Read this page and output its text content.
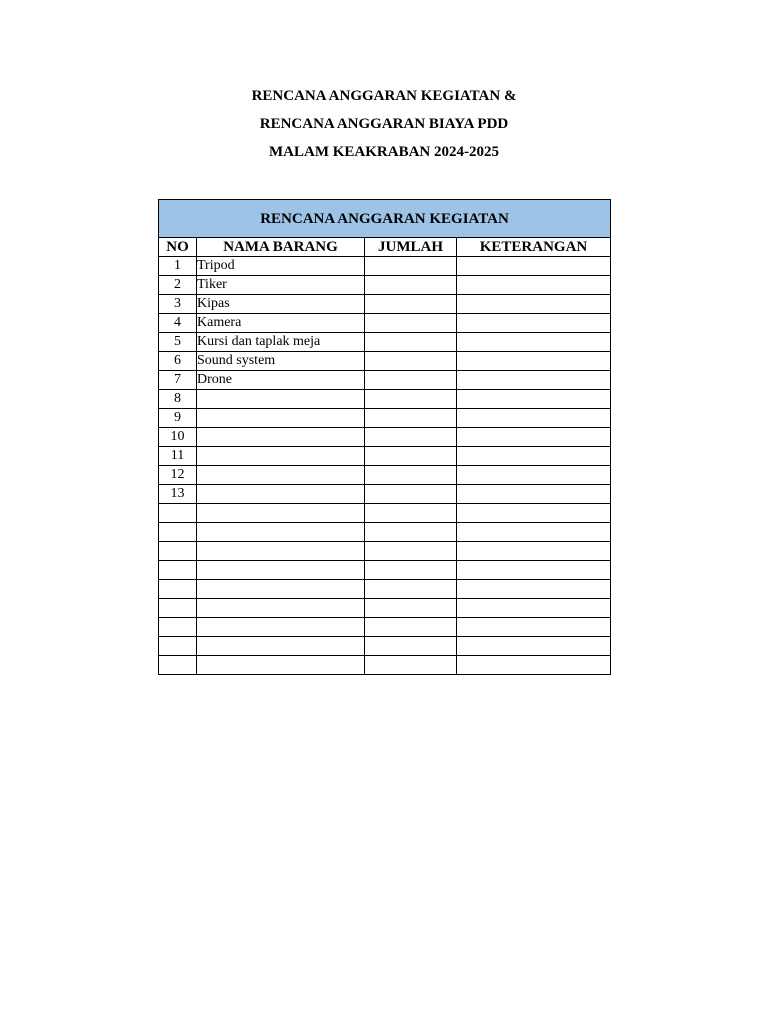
RENCANA ANGGARAN KEGIATAN &
RENCANA ANGGARAN BIAYA PDD
MALAM KEAKRABAN 2024-2025
RENCANA ANGGARAN KEGIATAN			
NO	NAMA BARANG	JUMLAH	KETERANGAN
1	Tripod		
2	Tiker		
3	Kipas		
4	Kamera		
5	Kursi dan taplak meja		
6	Sound system		
7	Drone		
8			
9			
10			
11			
12			
13			
